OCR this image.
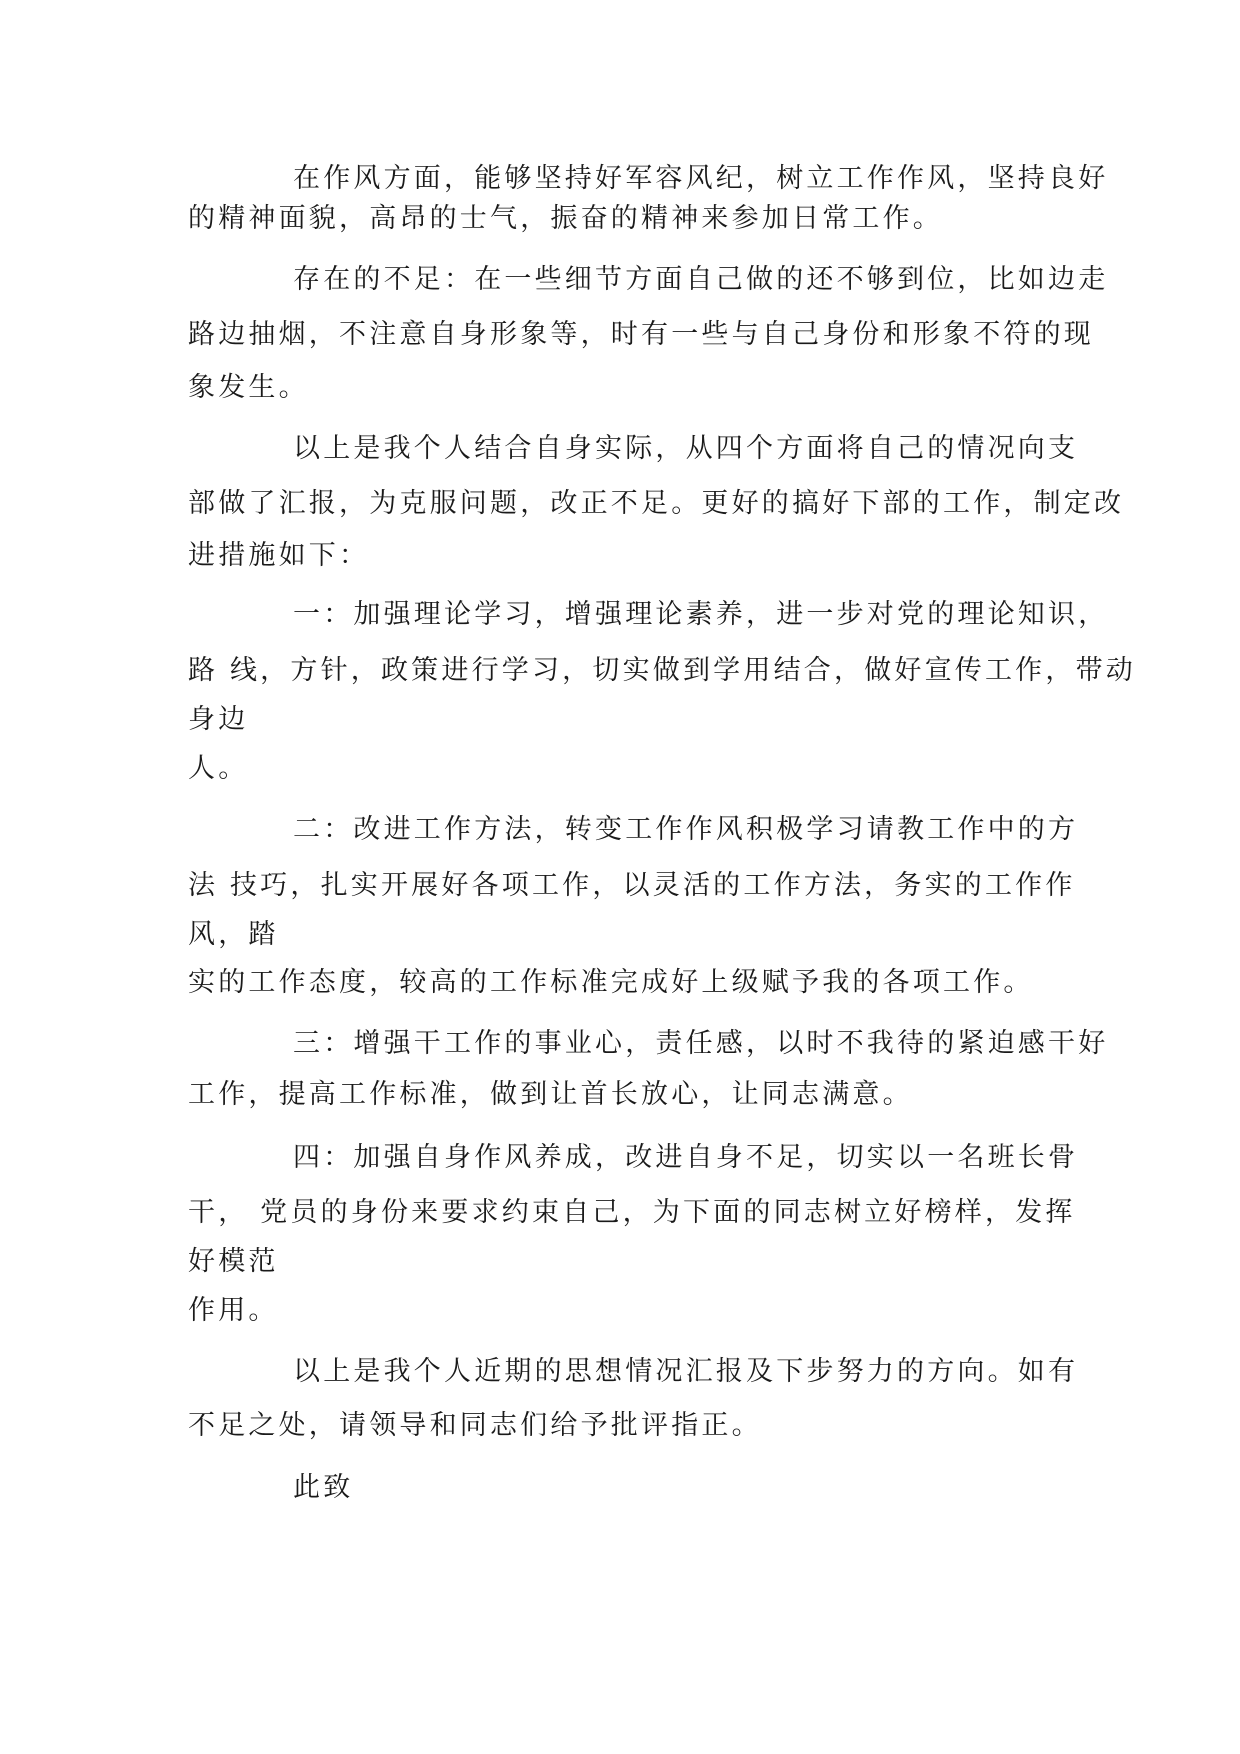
在作风方面，能够坚持好军容风纪，树立工作作风，坚持良好
的精神面貌，高昂的士气，振奋的精神来参加日常工作。
存在的不足：在一些细节方面自己做的还不够到位，比如边走
路边抽烟，不注意自身形象等，时有一些与自己身份和形象不符的现
象发生。
以上是我个人结合自身实际，从四个方面将自己的情况向支
部做了汇报，为克服问题，改正不足。更好的搞好下部的工作，制定改
进措施如下：
一：加强理论学习，增强理论素养，进一步对党的理论知识，
路 线，方针，政策进行学习，切实做到学用结合，做好宣传工作，带动
身边
人。
二：改进工作方法，转变工作作风积极学习请教工作中的方
法 技巧，扎实开展好各项工作，以灵活的工作方法，务实的工作作
风，踏
实的工作态度，较高的工作标准完成好上级赋予我的各项工作。
三：增强干工作的事业心，责任感，以时不我待的紧迫感干好
工作，提高工作标准，做到让首长放心，让同志满意。
四：加强自身作风养成，改进自身不足，切实以一名班长骨
干， 党员的身份来要求约束自己，为下面的同志树立好榜样，发挥
好模范
作用。
以上是我个人近期的思想情况汇报及下步努力的方向。如有
不足之处，请领导和同志们给予批评指正。
此致
